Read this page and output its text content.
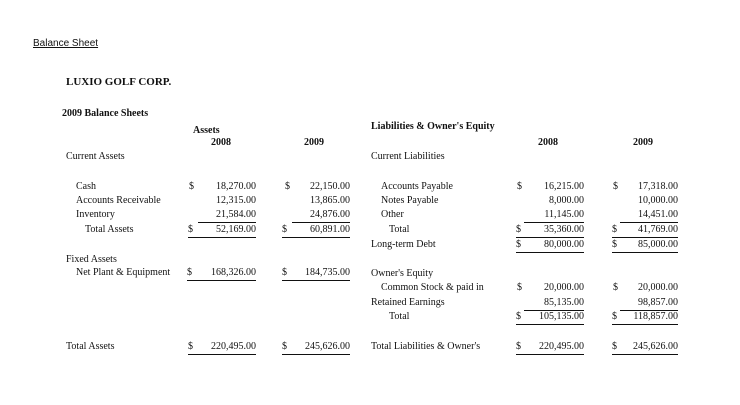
Balance Sheet
LUXIO GOLF CORP.
2009 Balance Sheets
Assets
2008	2009
Current Assets
Cash	$	18,270.00	$	22,150.00
Accounts Receivable	12,315.00	13,865.00
Inventory	21,584.00	24,876.00
Total Assets	$ 52,169.00	$ 60,891.00
Fixed Assets
Net Plant & Equipment $ 168,326.00	$ 184,735.00
Total Assets	$ 220,495.00	$ 245,626.00
Liabilities & Owner's Equity
2008	2009
Current Liabilities
Accounts Payable	$	16,215.00	$	17,318.00
Notes Payable	8,000.00	10,000.00
Other	11,145.00	14,451.00
Total	$ 35,360.00	$ 41,769.00
Long-term Debt	$ 80,000.00	$ 85,000.00
Owner's Equity
Common Stock & paid in	$	20,000.00	$	20,000.00
Retained Earnings	85,135.00	98,857.00
Total	$ 105,135.00	$ 118,857.00
Total Liabilities & Owner's	$ 220,495.00	$ 245,626.00
